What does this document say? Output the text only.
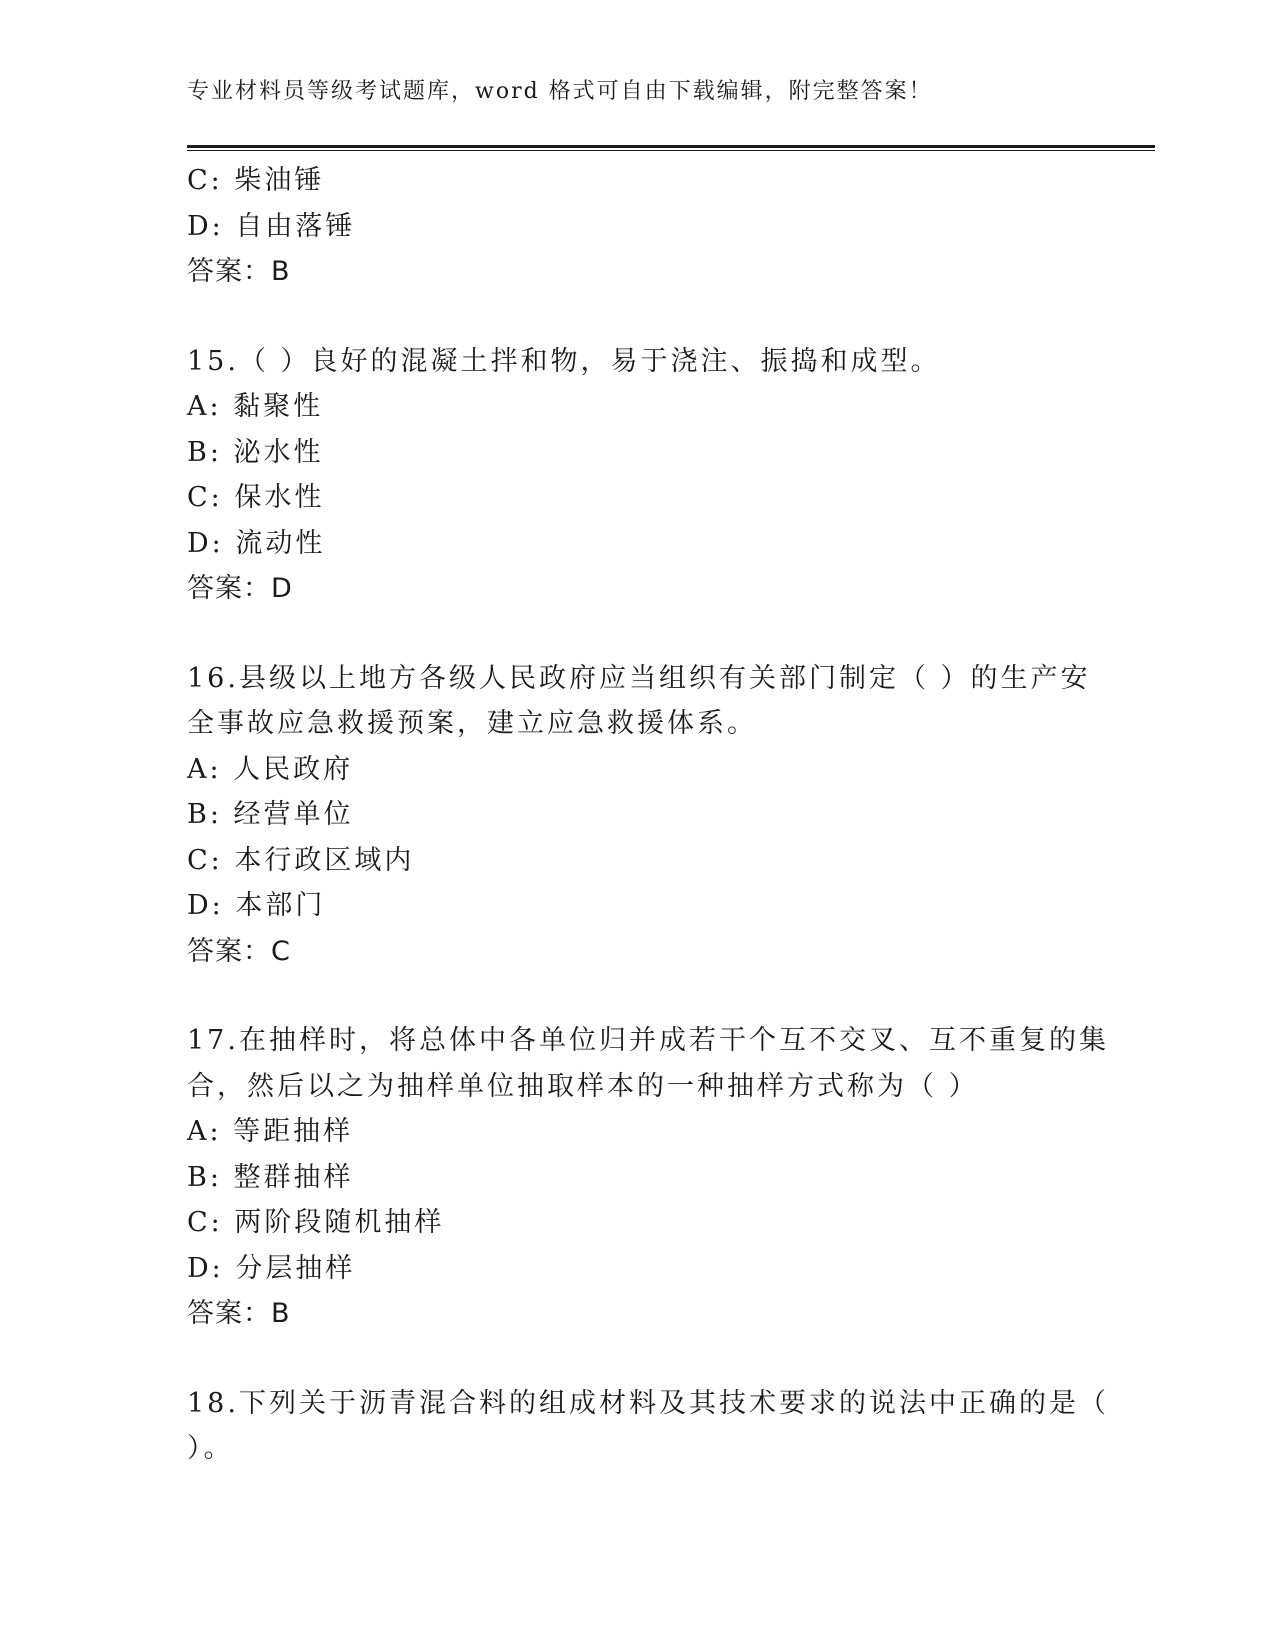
专业材料员等级考试题库，word 格式可自由下载编辑，附完整答案！
C: 柴油锤
D: 自由落锤
答案：B
15.（ ）良好的混凝土拌和物，易于浇注、振捣和成型。
A: 黏聚性
B: 泌水性
C: 保水性
D: 流动性
答案：D
16.县级以上地方各级人民政府应当组织有关部门制定（ ）的生产安
全事故应急救援预案，建立应急救援体系。
A: 人民政府
B: 经营单位
C: 本行政区域内
D: 本部门
答案：C
17.在抽样时，将总体中各单位归并成若干个互不交叉、互不重复的集
合，然后以之为抽样单位抽取样本的一种抽样方式称为（ ）
A: 等距抽样
B: 整群抽样
C: 两阶段随机抽样
D: 分层抽样
答案：B
18.下列关于沥青混合料的组成材料及其技术要求的说法中正确的是（
）。
